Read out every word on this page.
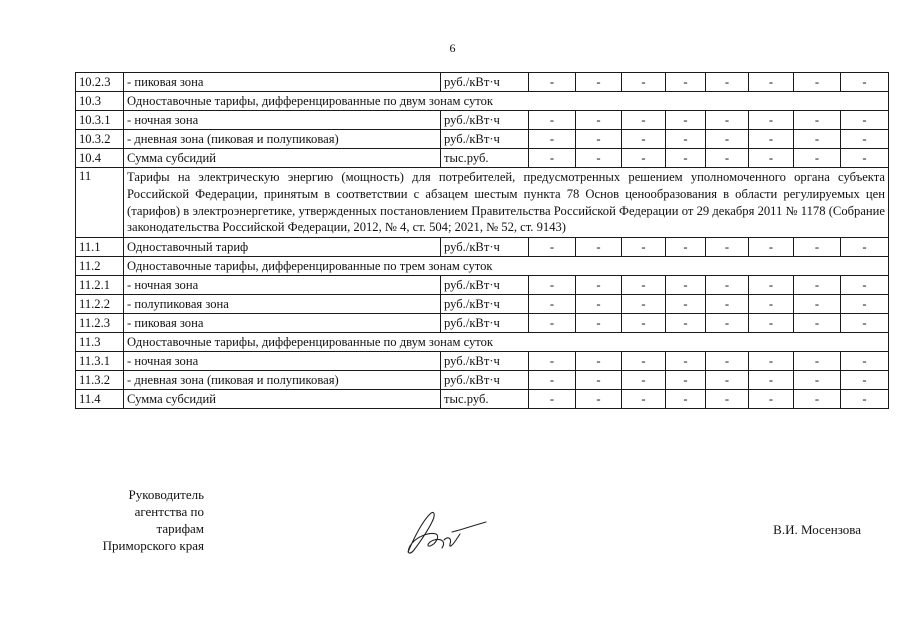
6
10.2.3	- пиковая зона	руб./кВт·ч	-	-	-	-	-	-	-	-
10.3	Одноставочные тарифы, дифференцированные по двум зонам суток									
10.3.1	- ночная зона	руб./кВт·ч	-	-	-	-	-	-	-	-
10.3.2	- дневная зона (пиковая и полупиковая)	руб./кВт·ч	-	-	-	-	-	-	-	-
10.4	Сумма субсидий	тыс.руб.	-	-	-	-	-	-	-	-
11	Тарифы на электрическую энергию (мощность) для потребителей, предусмотренных решением уполномоченного органа субъекта Российской Федерации, принятым в соответствии с абзацем шестым пункта 78 Основ ценообразования в области регулируемых цен (тарифов) в электроэнергетике, утвержденных постановлением Правительства Российской Федерации от 29 декабря 2011 № 1178 (Собрание законодательства Российской Федерации, 2012, № 4, ст. 504; 2021, № 52, ст. 9143)									
11.1	Одноставочный тариф	руб./кВт·ч	-	-	-	-	-	-	-	-
11.2	Одноставочные тарифы, дифференцированные по трем зонам суток									
11.2.1	- ночная зона	руб./кВт·ч	-	-	-	-	-	-	-	-
11.2.2	- полупиковая зона	руб./кВт·ч	-	-	-	-	-	-	-	-
11.2.3	- пиковая зона	руб./кВт·ч	-	-	-	-	-	-	-	-
11.3	Одноставочные тарифы, дифференцированные по двум зонам суток									
11.3.1	- ночная зона	руб./кВт·ч	-	-	-	-	-	-	-	-
11.3.2	- дневная зона (пиковая и полупиковая)	руб./кВт·ч	-	-	-	-	-	-	-	-
11.4	Сумма субсидий	тыс.руб.	-	-	-	-	-	-	-	-
Руководитель
агентства по тарифам
Приморского края
В.И. Мосензова
